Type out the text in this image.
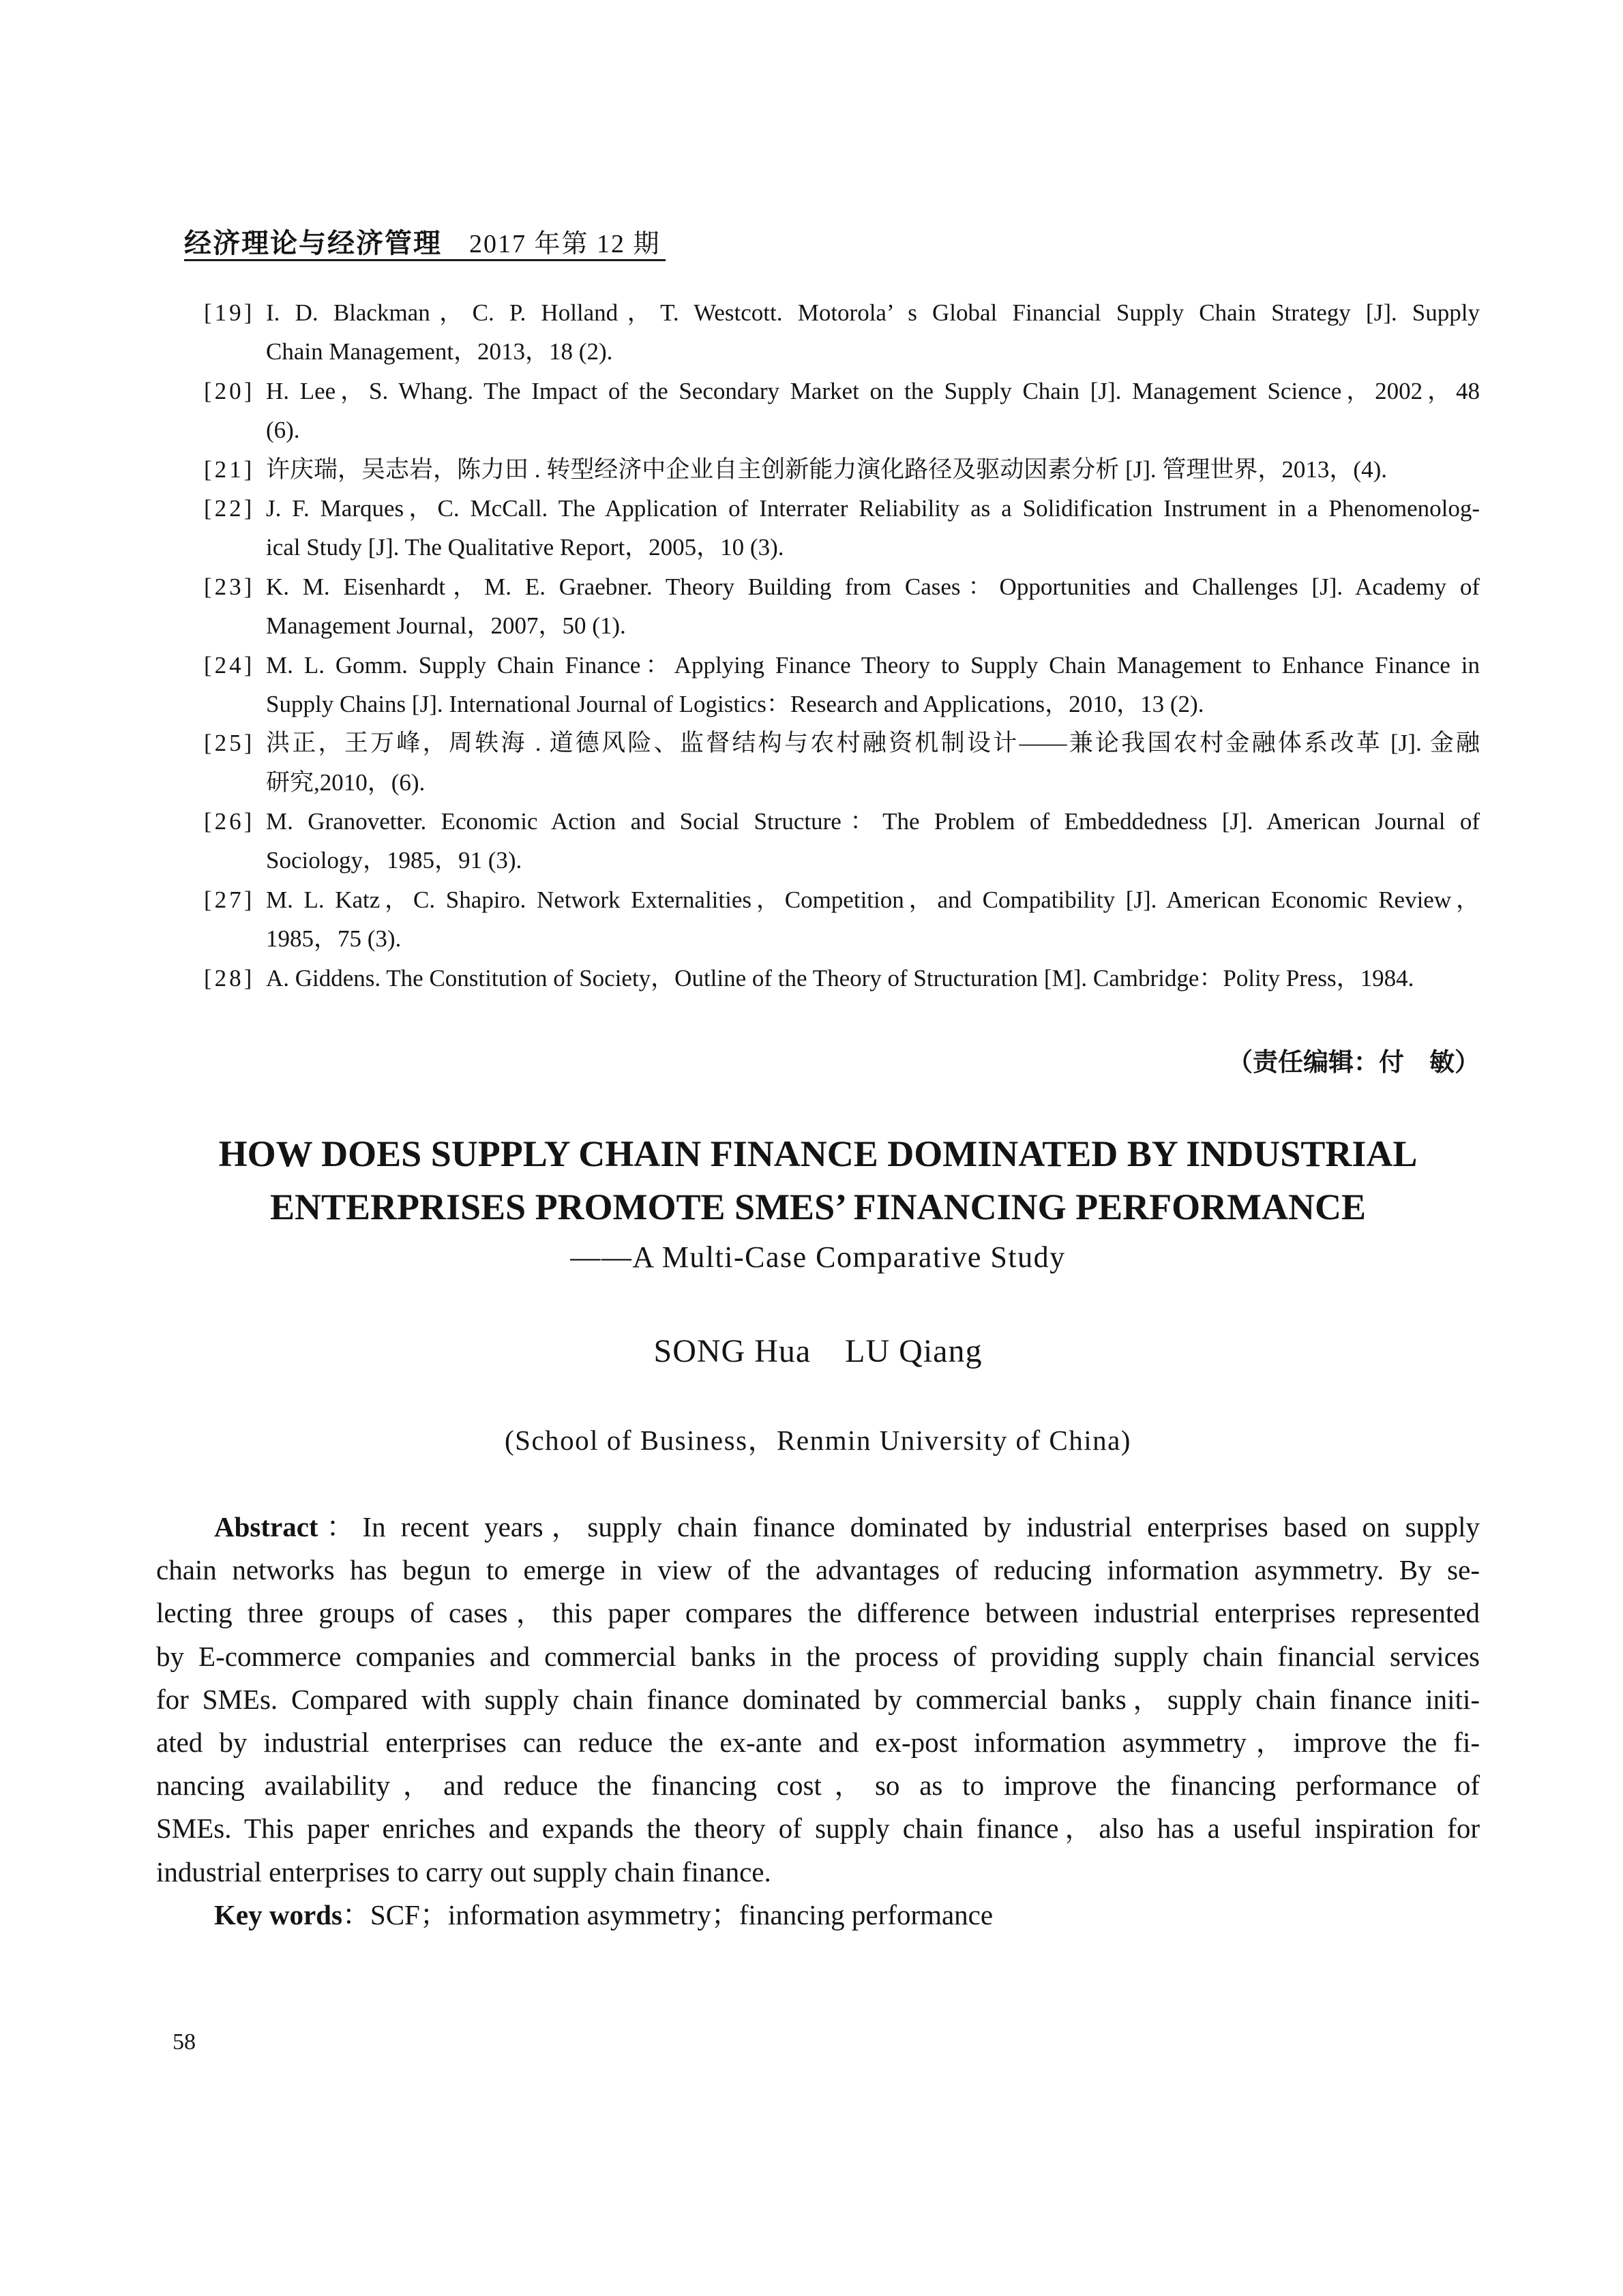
经济理论与经济管理 2017 年第 12 期
[19] I. D. Blackman，C. P. Holland，T. Westcott. Motorola’ s Global Financial Supply Chain Strategy [J]. Supply
Chain Management，2013，18 (2).
[20] H. Lee，S. Whang. The Impact of the Secondary Market on the Supply Chain [J]. Management Science，2002，48
(6).
[21] 许庆瑞，吴志岩，陈力田 . 转型经济中企业自主创新能力演化路径及驱动因素分析 [J]. 管理世界，2013，(4).
[22] J. F. Marques，C. McCall. The Application of Interrater Reliability as a Solidification Instrument in a Phenomenolog-
ical Study [J]. The Qualitative Report，2005，10 (3).
[23] K. M. Eisenhardt，M. E. Graebner. Theory Building from Cases：Opportunities and Challenges [J]. Academy of
Management Journal，2007，50 (1).
[24] M. L. Gomm. Supply Chain Finance：Applying Finance Theory to Supply Chain Management to Enhance Finance in
Supply Chains [J]. International Journal of Logistics：Research and Applications，2010，13 (2).
[25] 洪正，王万峰，周轶海 . 道德风险、监督结构与农村融资机制设计——兼论我国农村金融体系改革 [J]. 金融
研究,2010，(6).
[26] M. Granovetter. Economic Action and Social Structure：The Problem of Embeddedness [J]. American Journal of
Sociology，1985，91 (3).
[27] M. L. Katz，C. Shapiro. Network Externalities，Competition，and Compatibility [J]. American Economic Review，
1985，75 (3).
[28] A. Giddens. The Constitution of Society，Outline of the Theory of Structuration [M]. Cambridge：Polity Press，1984.
（责任编辑：付　敏）
HOW DOES SUPPLY CHAIN FINANCE DOMINATED BY INDUSTRIAL
ENTERPRISES PROMOTE SMES’ FINANCING PERFORMANCE
——A Multi-Case Comparative Study
SONG Hua LU Qiang
(School of Business，Renmin University of China)
Abstract：In recent years，supply chain finance dominated by industrial enterprises based on supply
chain networks has begun to emerge in view of the advantages of reducing information asymmetry. By se-
lecting three groups of cases，this paper compares the difference between industrial enterprises represented
by E-commerce companies and commercial banks in the process of providing supply chain financial services
for SMEs. Compared with supply chain finance dominated by commercial banks，supply chain finance initi-
ated by industrial enterprises can reduce the ex-ante and ex-post information asymmetry，improve the fi-
nancing availability，and reduce the financing cost，so as to improve the financing performance of
SMEs. This paper enriches and expands the theory of supply chain finance，also has a useful inspiration for
industrial enterprises to carry out supply chain finance.
Key words：SCF；information asymmetry；financing performance
58
